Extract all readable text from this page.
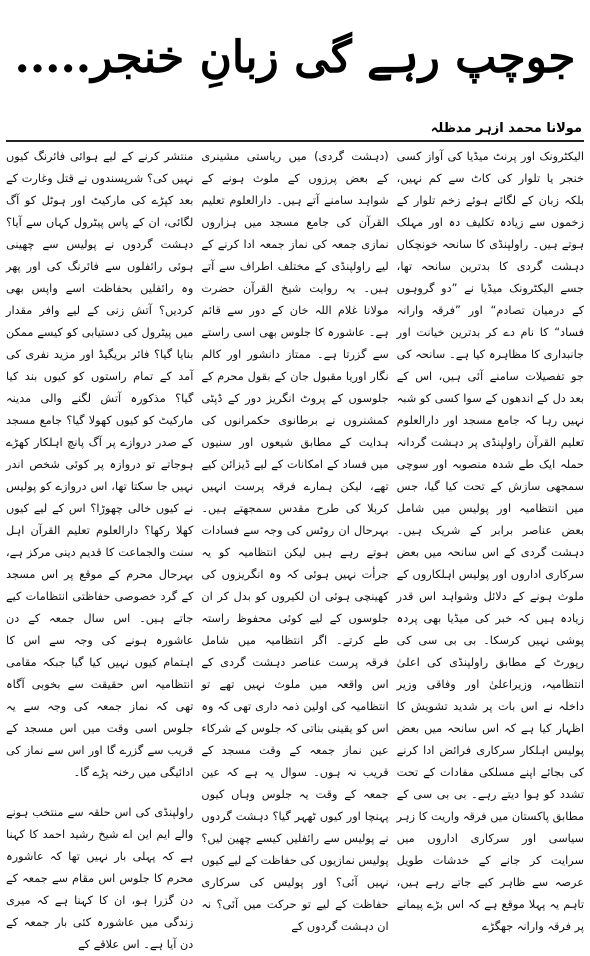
جوچپ رہے گی زبانِ خنجر.....
مولانا محمد ازہر مدظلہ

الیکٹرونک اور پرنٹ میڈیا کی آواز کسی خنجر یا تلوار کی کاٹ سے کم نہیں، بلکہ زبان کے لگائے ہوئے زخم تلوار کے زخموں سے زیادہ تکلیف دہ اور مہلک ہوتے ہیں۔ راولپنڈی کا سانحہ خونچکاں دہشت گردی کا بدترین سانحہ تھا، جسے الیکٹرونک میڈیا نے ”دو گروہوں کے درمیان تصادم“ اور ”فرقہ وارانہ فساد“ کا نام دے کر بدترین خیانت اور جانبداری کا مظاہرہ کیا ہے۔ سانحہ کی جو تفصیلات سامنے آئی ہیں، اس کے بعد دل کے اندھوں کے سوا کسی کو شبہ نہیں رہا کہ جامع مسجد اور دارالعلوم تعلیم القرآن راولپنڈی پر دہشت گردانہ حملہ ایک طے شدہ منصوبہ اور سوچی سمجھی سازش کے تحت کیا گیا، جس میں انتظامیہ اور پولیس میں شامل بعض عناصر برابر کے شریک ہیں۔ دہشت گردی کے اس سانحہ میں بعض سرکاری اداروں اور پولیس اہلکاروں کے ملوث ہونے کے دلائل وشواہد اس قدر زیادہ ہیں کہ خبر کی میڈیا بھی پردہ پوشی نہیں کرسکا۔ بی بی سی کی رپورٹ کے مطابق راولپنڈی کی اعلیٰ انتظامیہ، وزیراعلیٰ اور وفاقی وزیر داخلہ نے اس بات پر شدید تشویش کا اظہار کیا ہے کہ اس سانحہ میں بعض پولیس اہلکار سرکاری فرائض ادا کرنے کی بجائے اپنے مسلکی مفادات کے تحت تشدد کو ہوا دیتے رہے۔ بی بی سی کے مطابق پاکستان میں فرقہ واریت کا زہر سیاسی اور سرکاری اداروں میں سرایت کر جانے کے خدشات طویل عرصہ سے ظاہر کیے جاتے رہے ہیں، تاہم یہ پہلا موقع ہے کہ اس بڑے پیمانے پر فرقہ وارانہ جھگڑے

(دہشت گردی) میں ریاستی مشینری کے بعض پرزوں کے ملوث ہونے کے شواہد سامنے آتے ہیں۔ دارالعلوم تعلیم القرآن کی جامع مسجد میں ہزاروں نمازی جمعہ کی نماز جمعہ ادا کرنے کے لیے راولپنڈی کے مختلف اطراف سے آتے ہیں۔ یہ روایت شیخ القرآن حضرت مولانا غلام اللہ خان کے دور سے قائم ہے۔ عاشورہ کا جلوس بھی اسی راستے سے گزرتا ہے۔ ممتاز دانشور اور کالم نگار اوریا مقبول جان کے بقول محرم کے جلوسوں کے پروٹ انگریز دور کے ڈپٹی کمشنروں نے برطانوی حکمرانوں کی ہدایت کے مطابق شیعوں اور سنیوں میں فساد کے امکانات کے لیے ڈیزائن کیے تھے، لیکن ہمارے فرقہ پرست انہیں کربلا کی طرح مقدس سمجھتے ہیں۔ بہرحال ان روٹس کی وجہ سے فسادات ہوتے رہے ہیں لیکن انتظامیہ کو یہ جرأت نہیں ہوئی کہ وہ انگریزوں کی کھینچی ہوئی ان لکیروں کو بدل کر ان جلوسوں کے لیے کوئی محفوظ راستہ طے کرتے۔ اگر انتظامیہ میں شامل فرقہ پرست عناصر دہشت گردی کے اس واقعہ میں ملوث نہیں تھے تو انتظامیہ کی اولین ذمہ داری تھی کہ وہ اس کو یقینی بناتی کہ جلوس کے شرکاء عین نماز جمعہ کے وقت مسجد کے قریب نہ ہوں۔ سوال یہ ہے کہ عین جمعہ کے وقت یہ جلوس وہاں کیوں پہنچا اور کیوں ٹھہر گیا؟ دہشت گردوں نے پولیس سے رائفلیں کیسے چھین لیں؟ پولیس نمازیوں کی حفاظت کے لیے کیوں نہیں آئی؟ اور پولیس کی سرکاری حفاظت کے لیے تو حرکت میں آئی؟ نہ ان دہشت گردوں کے

منتشر کرنے کے لیے ہوائی فائرنگ کیوں نہیں کی؟ شرپسندوں نے قتل وغارت کے بعد کپڑے کی مارکیٹ اور ہوٹل کو آگ لگائی، ان کے پاس پیٹرول کہاں سے آیا؟ دہشت گردوں نے پولیس سے چھینی ہوئی رائفلوں سے فائرنگ کی اور پھر وہ رائفلیں بحفاظت اسے واپس بھی کردیں؟ آتش زنی کے لیے وافر مقدار میں پیٹرول کی دستیابی کو کیسے ممکن بنایا گیا؟ فائر بریگیڈ اور مزید نفری کی آمد کے تمام راستوں کو کیوں بند کیا گیا؟ مذکورہ آتش لگنے والی مدینہ مارکیٹ کو کیوں کھولا گیا؟ جامع مسجد کے صدر دروازے پر آگ پانچ اہلکار کھڑے ہوجاتے تو دروازہ پر کوئی شخص اندر نہیں جا سکتا تھا، اس دروازے کو پولیس نے کیوں خالی چھوڑا؟ اس کے لیے کیوں کھلا رکھا؟ دارالعلوم تعلیم القرآن اہل سنت والجماعت کا قدیم دینی مرکز ہے، بہرحال محرم کے موقع پر اس مسجد کے گرد خصوصی حفاظتی انتظامات کیے جاتے ہیں۔ اس سال جمعہ کے دن عاشورہ ہونے کی وجہ سے اس کا اہتمام کیوں نہیں کیا گیا جبکہ مقامی انتظامیہ اس حقیقت سے بخوبی آگاہ تھی کہ نماز جمعہ کی وجہ سے یہ جلوس اسی وقت میں اس مسجد کے قریب سے گزرے گا اور اس سے نماز کی ادائیگی میں رخنہ پڑے گا۔

راولپنڈی کی اس حلقہ سے منتخب ہونے والے ایم این اے شیخ رشید احمد کا کہنا ہے کہ پہلی بار نہیں تھا کہ عاشورہ محرم کا جلوس اس مقام سے جمعہ کے دن گزرا ہو، ان کا کہنا ہے کہ میری زندگی میں عاشورہ کئی بار جمعہ کے دن آیا ہے۔ اس علاقے کے
